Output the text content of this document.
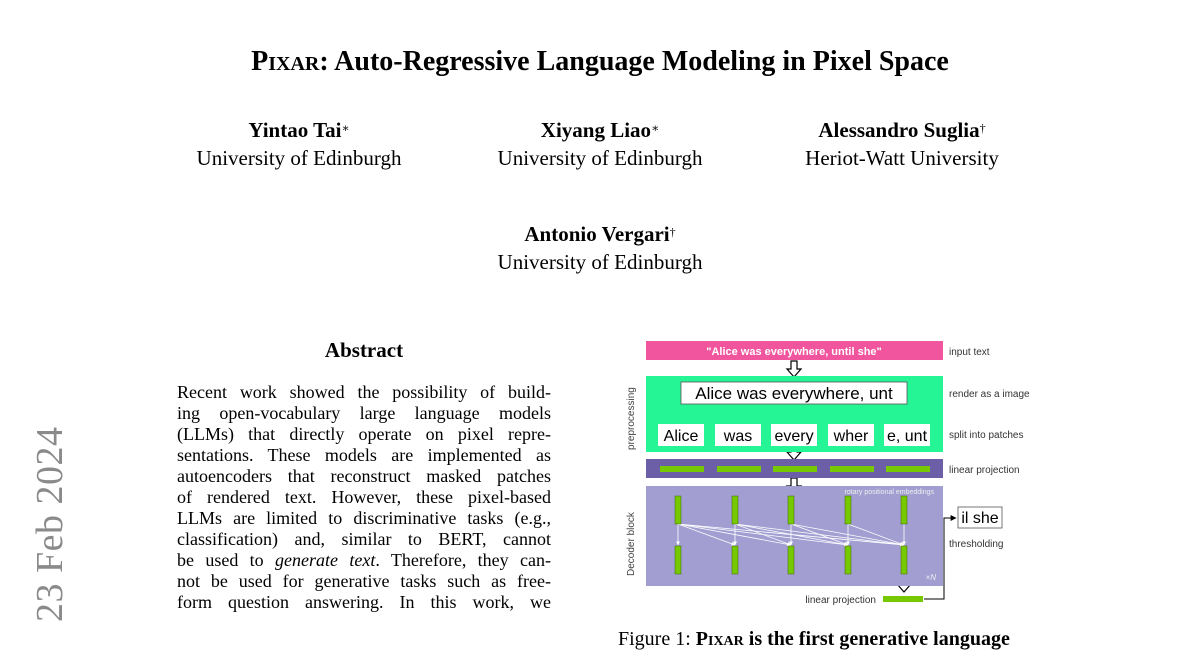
23 Feb 2024
Pixar: Auto-Regressive Language Modeling in Pixel Space
Yintao Tai∗
University of Edinburgh
Xiyang Liao∗
University of Edinburgh
Alessandro Suglia†
Heriot-Watt University
Antonio Vergari†
University of Edinburgh
Abstract

Recent work showed the possibility of build-

ing open-vocabulary large language models

(LLMs) that directly operate on pixel repre-

sentations. These models are implemented as

autoencoders that reconstruct masked patches

of rendered text. However, these pixel-based

LLMs are limited to discriminative tasks (e.g.,

classification) and, similar to BERT, cannot

be used to generate text. Therefore, they can-

not be used for generative tasks such as free-

form question answering. In this work, we

"Alice was everywhere, until she"	input text
preprocessing	Alice was everywhere, unt	render as a image
Alice was every wher e, unt split into patches
linear projection
Decoder block
rotary positional embeddings
×N
linear projection
il she
thresholding
Figure 1: Pixar is the first generative language
